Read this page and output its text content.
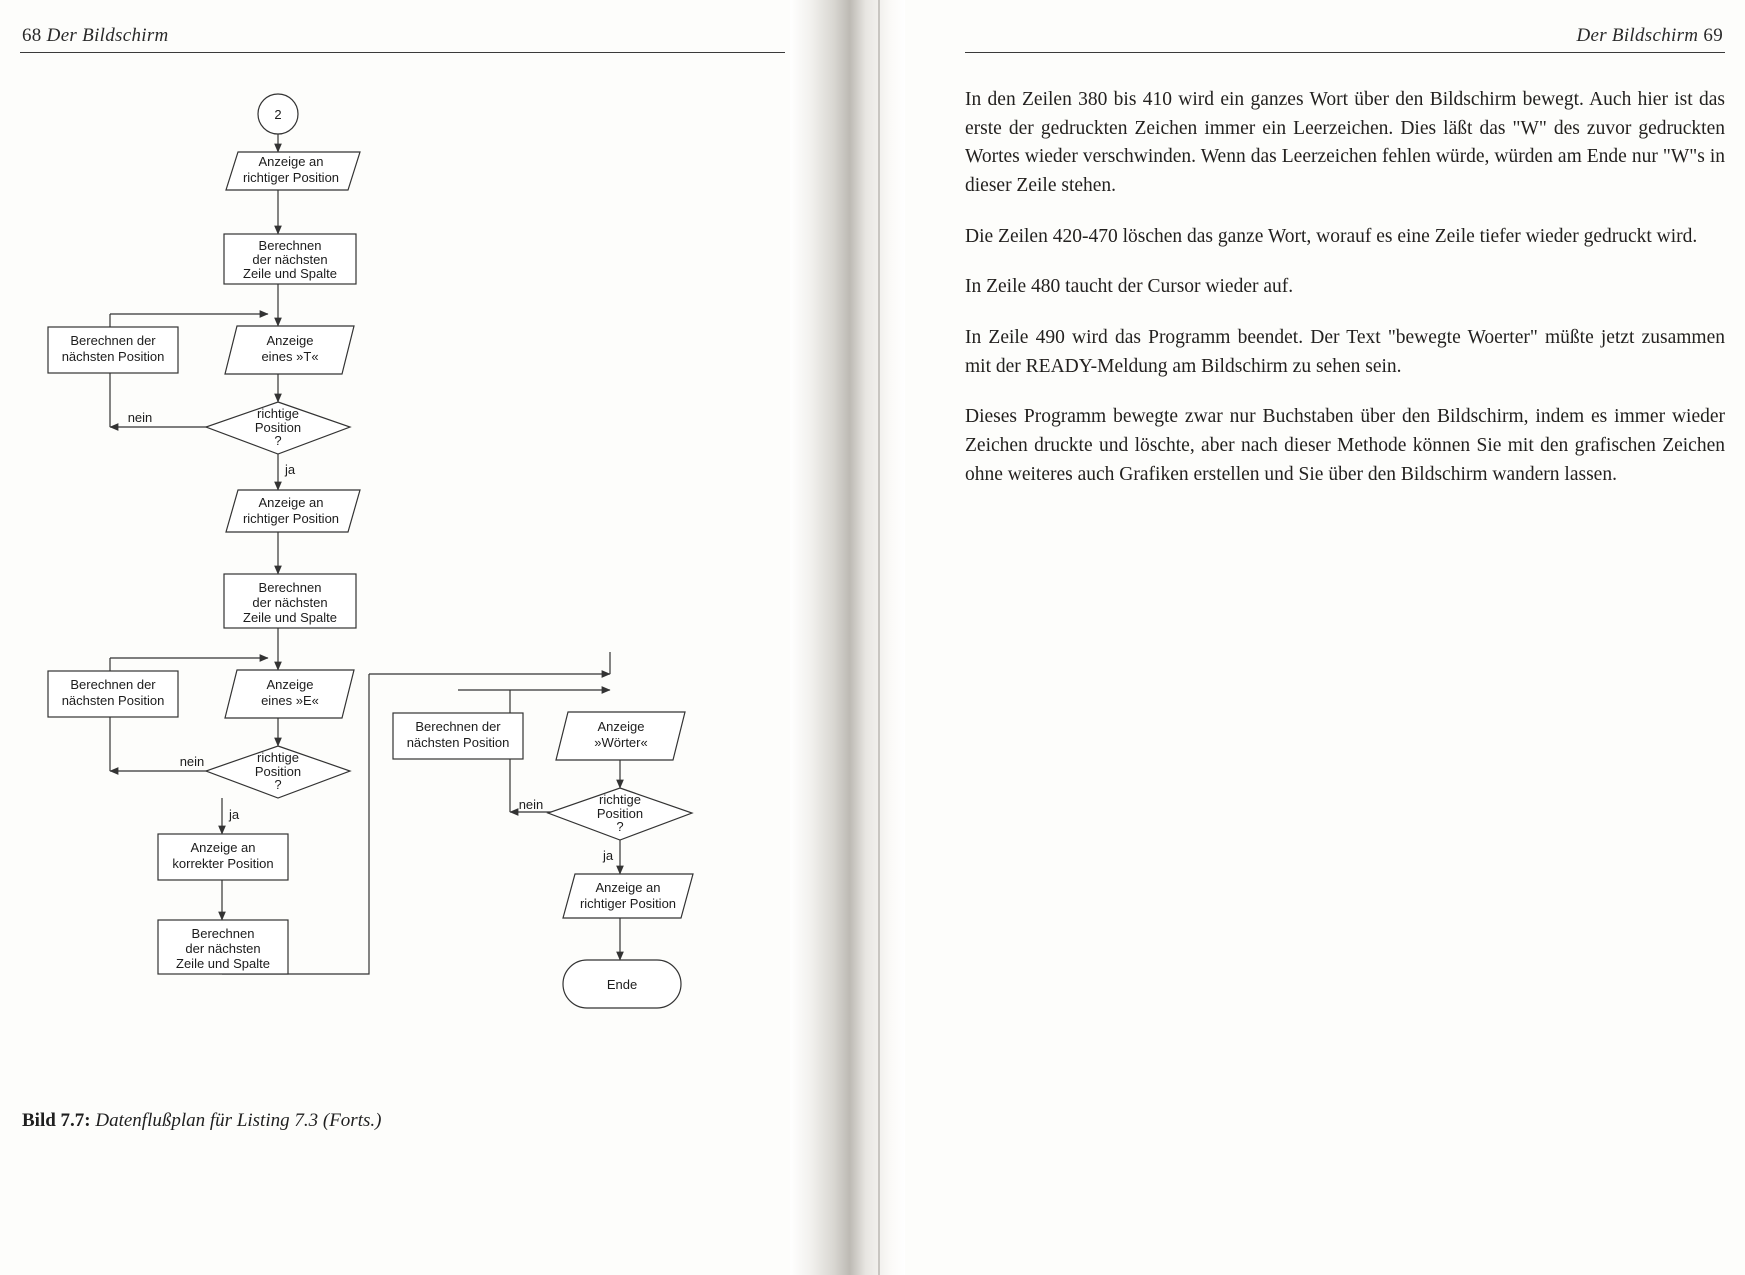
68 Der Bildschirm	Der Bildschirm 69
2
Anzeige an
richtiger Position
Berechnen
der nächsten
Zeile und Spalte
Anzeige
eines »T«
Berechnen der
nächsten Position
richtige
Position
?
nein
ja
Anzeige an
richtiger Position
Berechnen
der nächsten
Zeile und Spalte
Anzeige
eines »E«
Berechnen der
nächsten Position
richtige
Position
?
nein
ja
Anzeige an
korrekter Position
Berechnen
der nächsten
Zeile und Spalte
Berechnen der
nächsten Position
Anzeige
»Wörter«
richtige
Position
?
nein
ja
Anzeige an
richtiger Position
Ende
Bild 7.7: Datenflußplan für Listing 7.3 (Forts.)

In den Zeilen 380 bis 410 wird ein ganzes Wort über den Bildschirm bewegt. Auch hier ist das erste der gedruckten Zeichen immer ein Leerzeichen. Dies läßt das "W" des zuvor gedruckten Wortes wieder verschwinden. Wenn das Leerzeichen fehlen würde, würden am Ende nur "W"s in dieser Zeile stehen.

Die Zeilen 420-470 löschen das ganze Wort, worauf es eine Zeile tiefer wieder gedruckt wird.

In Zeile 480 taucht der Cursor wieder auf.

In Zeile 490 wird das Programm beendet. Der Text "bewegte Woerter" müßte jetzt zusammen mit der READY-Meldung am Bildschirm zu sehen sein.

Dieses Programm bewegte zwar nur Buchstaben über den Bildschirm, indem es immer wieder Zeichen druckte und löschte, aber nach dieser Methode können Sie mit den grafischen Zeichen ohne weiteres auch Grafiken erstellen und Sie über den Bildschirm wandern lassen.
